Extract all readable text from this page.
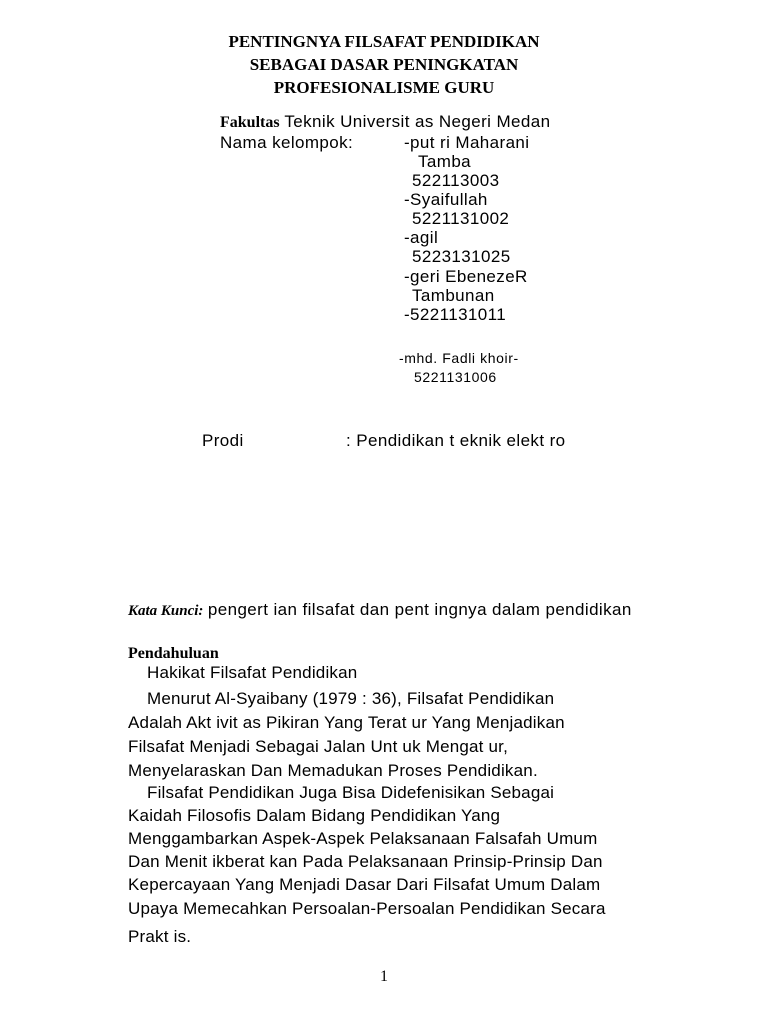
PENTINGNYA FILSAFAT PENDIDIKAN
SEBAGAI DASAR PENINGKATAN
PROFESIONALISME GURU
Fakultas Teknik Universit as Negeri Medan
Nama kelompok:	-put ri Maharani
Tamba
522113003
-Syaifullah
5221131002
-agil
5223131025
-geri EbenezeR
Tambunan
-5221131011
-mhd. Fadli khoir-
5221131006
Prodi	: Pendidikan t eknik elekt ro
Kata Kunci: pengert ian filsafat dan pent ingnya dalam pendidikan
Pendahuluan
Hakikat Filsafat Pendidikan
Menurut Al-Syaibany (1979 : 36), Filsafat Pendidikan
Adalah Akt ivit as Pikiran Yang Terat ur Yang Menjadikan
Filsafat Menjadi Sebagai Jalan Unt uk Mengat ur,
Menyelaraskan Dan Memadukan Proses Pendidikan.
Filsafat Pendidikan Juga Bisa Didefenisikan Sebagai
Kaidah Filosofis Dalam Bidang Pendidikan Yang
Menggambarkan Aspek-Aspek Pelaksanaan Falsafah Umum
Dan Menit ikberat kan Pada Pelaksanaan Prinsip-Prinsip Dan
Kepercayaan Yang Menjadi Dasar Dari Filsafat Umum Dalam
Upaya Memecahkan Persoalan-Persoalan Pendidikan Secara
Prakt is.
1
